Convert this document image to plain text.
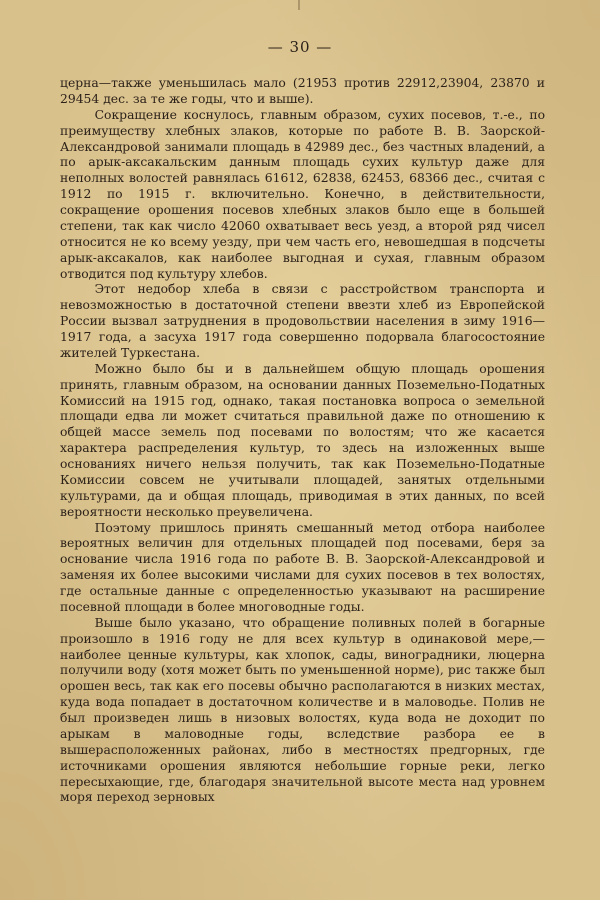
— 30 —

церна—также уменьшилась мало (21953 против 22912,23904, 23870 и 29454 дес. за те же годы, что и выше).

Сокращение коснулось, главным образом, сухих посевов, т.-е., по преимуществу хлебных злаков, которые по работе В. В. Заорской-Александровой занимали площадь в 42989 дес., без частных владений, а по арык-аксакальским данным площадь сухих культур даже для неполных волостей равнялась 61612, 62838, 62453, 68366 дес., считая с 1912 по 1915 г. включительно. Конечно, в действительности, сокращение орошения посевов хлебных злаков было еще в большей степени, так как число 42060 охватывает весь уезд, а второй ряд чисел относится не ко всему уезду, при чем часть его, невошедшая в подсчеты арык-аксакалов, как наиболее выгодная и сухая, главным образом отводится под культуру хлебов.

Этот недобор хлеба в связи с расстройством транспорта и невозможностью в достаточной степени ввезти хлеб из Европейской России вызвал затруднения в продовольствии населения в зиму 1916—1917 года, а засуха 1917 года совершенно подорвала благосостояние жителей Туркестана.

Можно было бы и в дальнейшем общую площадь орошения принять, главным образом, на основании данных Поземельно-Податных Комиссий на 1915 год, однако, такая постановка вопроса о земельной площади едва ли может считаться правильной даже по отношению к общей массе земель под посевами по волостям; что же касается характера распределения культур, то здесь на изложенных выше основаниях ничего нельзя получить, так как Поземельно-Податные Комиссии совсем не учитывали площадей, занятых отдельными культурами, да и общая площадь, приводимая в этих данных, по всей вероятности несколько преувеличена.

Поэтому пришлось принять смешанный метод отбора наиболее вероятных величин для отдельных площадей под посевами, беря за основание числа 1916 года по работе В. В. Заорской-Александровой и заменяя их более высокими числами для сухих посевов в тех волостях, где остальные данные с определенностью указывают на расширение посевной площади в более многоводные годы.

Выше было указано, что обращение поливных полей в богарные произошло в 1916 году не для всех культур в одинаковой мере,—наиболее ценные культуры, как хлопок, сады, виноградники, люцерна получили воду (хотя может быть по уменьшенной норме), рис также был орошен весь, так как его посевы обычно располагаются в низких местах, куда вода попадает в достаточном количестве и в маловодье. Полив не был произведен лишь в низовых волостях, куда вода не доходит по арыкам в маловодные годы, вследствие разбора ее в вышерасположенных районах, либо в местностях предгорных, где источниками орошения являются небольшие горные реки, легко пересыхающие, где, благодаря значительной высоте места над уровнем моря переход зерновых
